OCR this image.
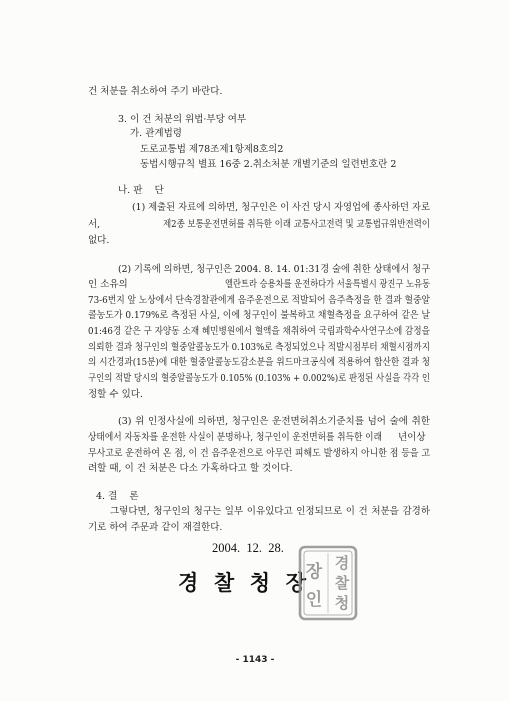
건 처분을 취소하여 주기 바란다.
3. 이 건 처분의 위법·부당 여부
가. 관계법령
도로교통법 제78조제1항제8호의2
동법시행규칙 별표 16중 2.취소처분 개별기준의 일련번호란 2
나. 판    단
(1) 제출된 자료에 의하면, 청구인은 이 사건 당시 자영업에 종사하던 자로
서,	제2종 보통운전면허를 취득한 이래 교통사고전력 및 교통법규위반전력이
없다.
(2) 기록에 의하면, 청구인은 2004. 8. 14. 01:31경 술에 취한 상태에서 청구
인 소유의	엘란트라 승용차를 운전하다가 서울특별시 광진구 노유동
73-6번지 앞 노상에서 단속경찰관에게 음주운전으로 적발되어 음주측정을 한 결과 혈중알
콜농도가 0.179%로 측정된 사실, 이에 청구인이 불복하고 채혈측정을 요구하여 같은 날
01:46경 같은 구 자양동 소재 혜민병원에서 혈액을 채취하여 국립과학수사연구소에 감정을
의뢰한 결과 청구인의 혈중알콜농도가 0.103%로 측정되었으나 적발시점부터 채혈시점까지
의 시간경과(15분)에 대한 혈중알콜농도감소분을 위드마크공식에 적용하여 합산한 결과 청
구인의 적발 당시의 혈중알콜농도가 0.105% (0.103% + 0.002%)로 판정된 사실을 각각 인
정할 수 있다.
(3) 위 인정사실에 의하면, 청구인은 운전면허취소기준치를 넘어 술에 취한
상태에서 자동차를 운전한 사실이 분명하나, 청구인이 운전면허를 취득한 이래 년이상
무사고로 운전하여 온 점, 이 건 음주운전으로 아무런 피해도 발생하지 아니한 점 등을 고
려할 때, 이 건 처분은 다소 가혹하다고 할 것이다.
4. 결    론
그렇다면, 청구인의 청구는 일부 이유있다고 인정되므로 이 건 처분을 감경하
기로 하여 주문과 같이 재결한다.
2004.  12.  28.
경 찰 청 장
경
찰
청
장
인
- 1143 -
